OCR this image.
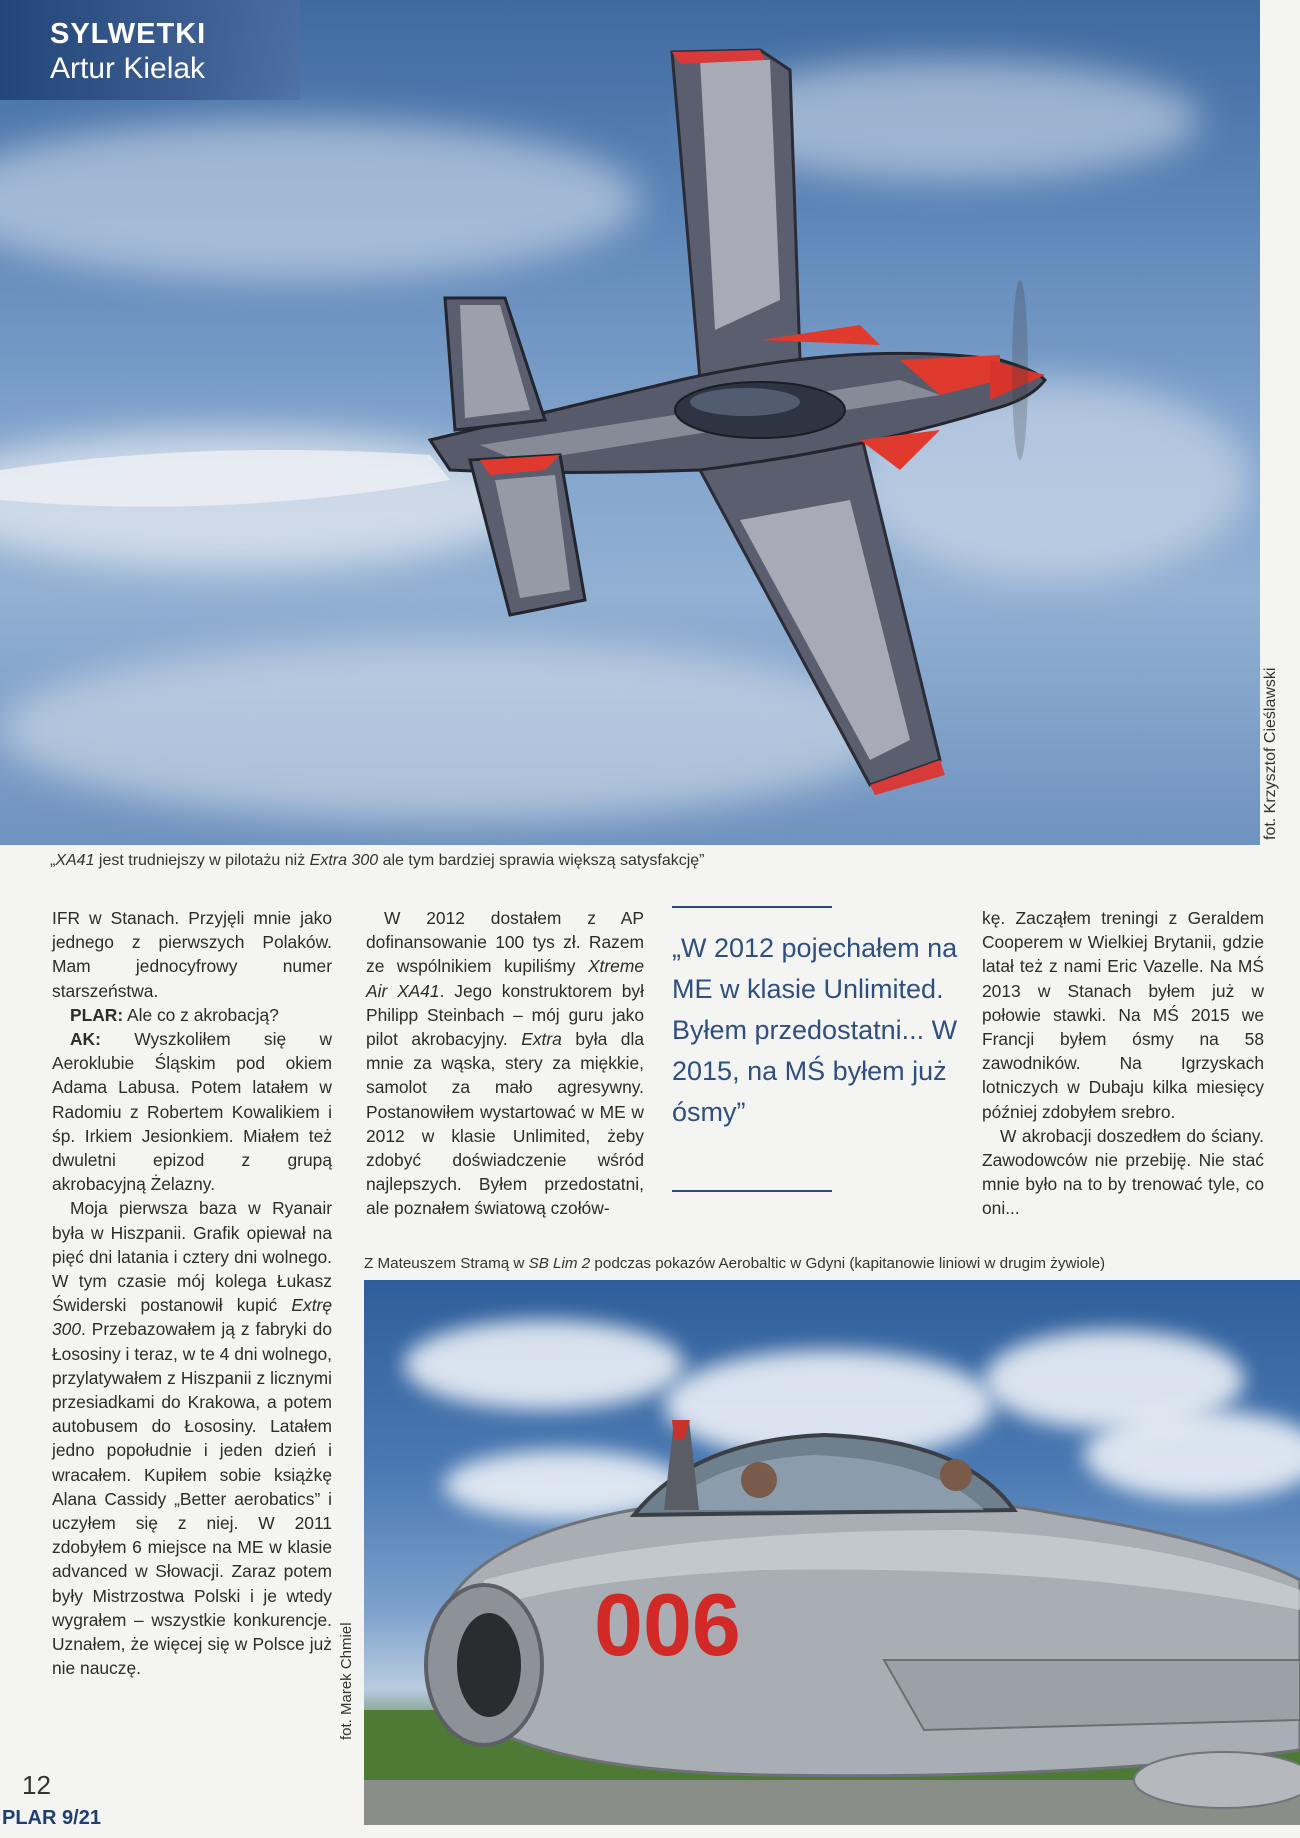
SYLWETKI
Artur Kielak
fot. Krzysztof Cieślawski
„XA41 jest trudniejszy w pilotażu niż Extra 300 ale tym bardziej sprawia większą satysfakcję”

IFR w Stanach. Przyjęli mnie jako jednego z pierwszych Polaków. Mam jednocyfrowy numer starszeństwa.

PLAR: Ale co z akrobacją?

AK: Wyszkoliłem się w Aeroklubie Śląskim pod okiem Adama Labusa. Potem latałem w Radomiu z Robertem Kowalikiem i śp. Irkiem Jesionkiem. Miałem też dwuletni epizod z grupą akrobacyjną Żelazny.

Moja pierwsza baza w Ryanair była w Hiszpanii. Grafik opiewał na pięć dni latania i cztery dni wolnego. W tym czasie mój kolega Łukasz Świderski postanowił kupić Extrę 300. Przebazowałem ją z fabryki do Łososiny i teraz, w te 4 dni wolnego, przylatywałem z Hiszpanii z licznymi przesiadkami do Krakowa, a potem autobusem do Łososiny. Latałem jedno popołudnie i jeden dzień i wracałem. Kupiłem sobie książkę Alana Cassidy „Better aerobatics” i uczyłem się z niej. W 2011 zdobyłem 6 miejsce na ME w klasie advanced w Słowacji. Zaraz potem były Mistrzostwa Polski i je wtedy wygrałem – wszystkie konkurencje. Uznałem, że więcej się w Polsce już nie nauczę.

W 2012 dostałem z AP dofinansowanie 100 tys zł. Razem ze wspólnikiem kupiliśmy Xtreme Air XA41. Jego konstruktorem był Philipp Steinbach – mój guru jako pilot akrobacyjny. Extra była dla mnie za wąska, stery za miękkie, samolot za mało agresywny. Postanowiłem wystartować w ME w 2012 w klasie Unlimited, żeby zdobyć doświadczenie wśród najlepszych. Byłem przedostatni, ale poznałem światową czołów-

„W 2012 pojechałem na ME w klasie Unlimited. Byłem przedostatni... W 2015, na MŚ byłem już ósmy”

kę. Zacząłem treningi z Geraldem Cooperem w Wielkiej Brytanii, gdzie latał też z nami Eric Vazelle. Na MŚ 2013 w Stanach byłem już w połowie stawki. Na MŚ 2015 we Francji byłem ósmy na 58 zawodników. Na Igrzyskach lotniczych w Dubaju kilka miesięcy później zdobyłem srebro.

W akrobacji doszedłem do ściany. Zawodowców nie przebiję. Nie stać mnie było na to by trenować tyle, co oni...

Z Mateuszem Stramą w SB Lim 2 podczas pokazów Aerobaltic w Gdyni (kapitanowie liniowi w drugim żywiole)
006
fot. Marek Chmiel
12
PLAR 9/21
